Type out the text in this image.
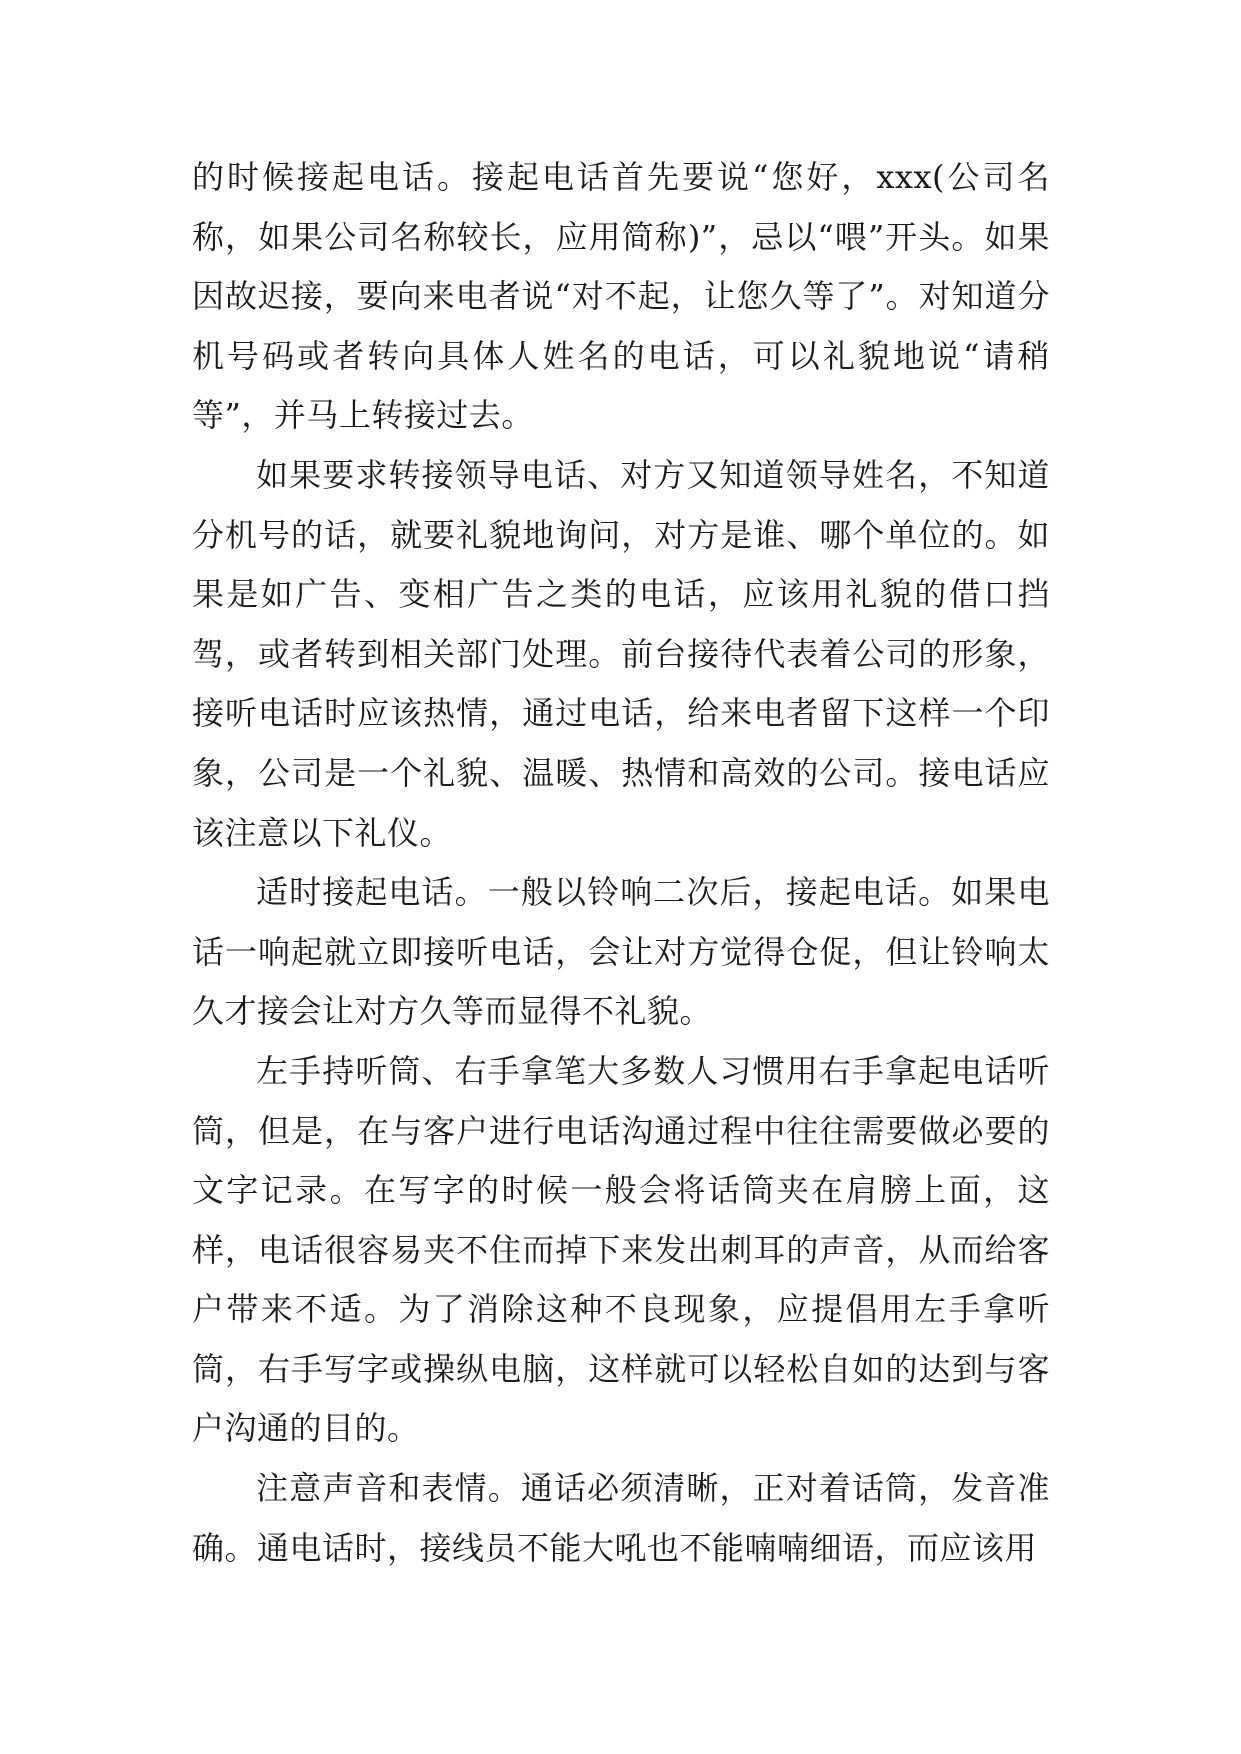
的时候接起电话。接起电话首先要说“您好，xxx(公司名称，如果公司名称较长，应用简称)”，忌以“喂”开头。如果因故迟接，要向来电者说“对不起，让您久等了”。对知道分机号码或者转向具体人姓名的电话，可以礼貌地说“请稍等”，并马上转接过去。

如果要求转接领导电话、对方又知道领导姓名，不知道分机号的话，就要礼貌地询问，对方是谁、哪个单位的。如果是如广告、变相广告之类的电话，应该用礼貌的借口挡驾，或者转到相关部门处理。前台接待代表着公司的形象，接听电话时应该热情，通过电话，给来电者留下这样一个印象，公司是一个礼貌、温暖、热情和高效的公司。接电话应该注意以下礼仪。

适时接起电话。一般以铃响二次后，接起电话。如果电话一响起就立即接听电话，会让对方觉得仓促，但让铃响太久才接会让对方久等而显得不礼貌。

左手持听筒、右手拿笔大多数人习惯用右手拿起电话听筒，但是，在与客户进行电话沟通过程中往往需要做必要的文字记录。在写字的时候一般会将话筒夹在肩膀上面，这样，电话很容易夹不住而掉下来发出刺耳的声音，从而给客户带来不适。为了消除这种不良现象，应提倡用左手拿听筒，右手写字或操纵电脑，这样就可以轻松自如的达到与客户沟通的目的。

注意声音和表情。通话必须清晰，正对着话筒，发音准确。通电话时，接线员不能大吼也不能喃喃细语，而应该用
